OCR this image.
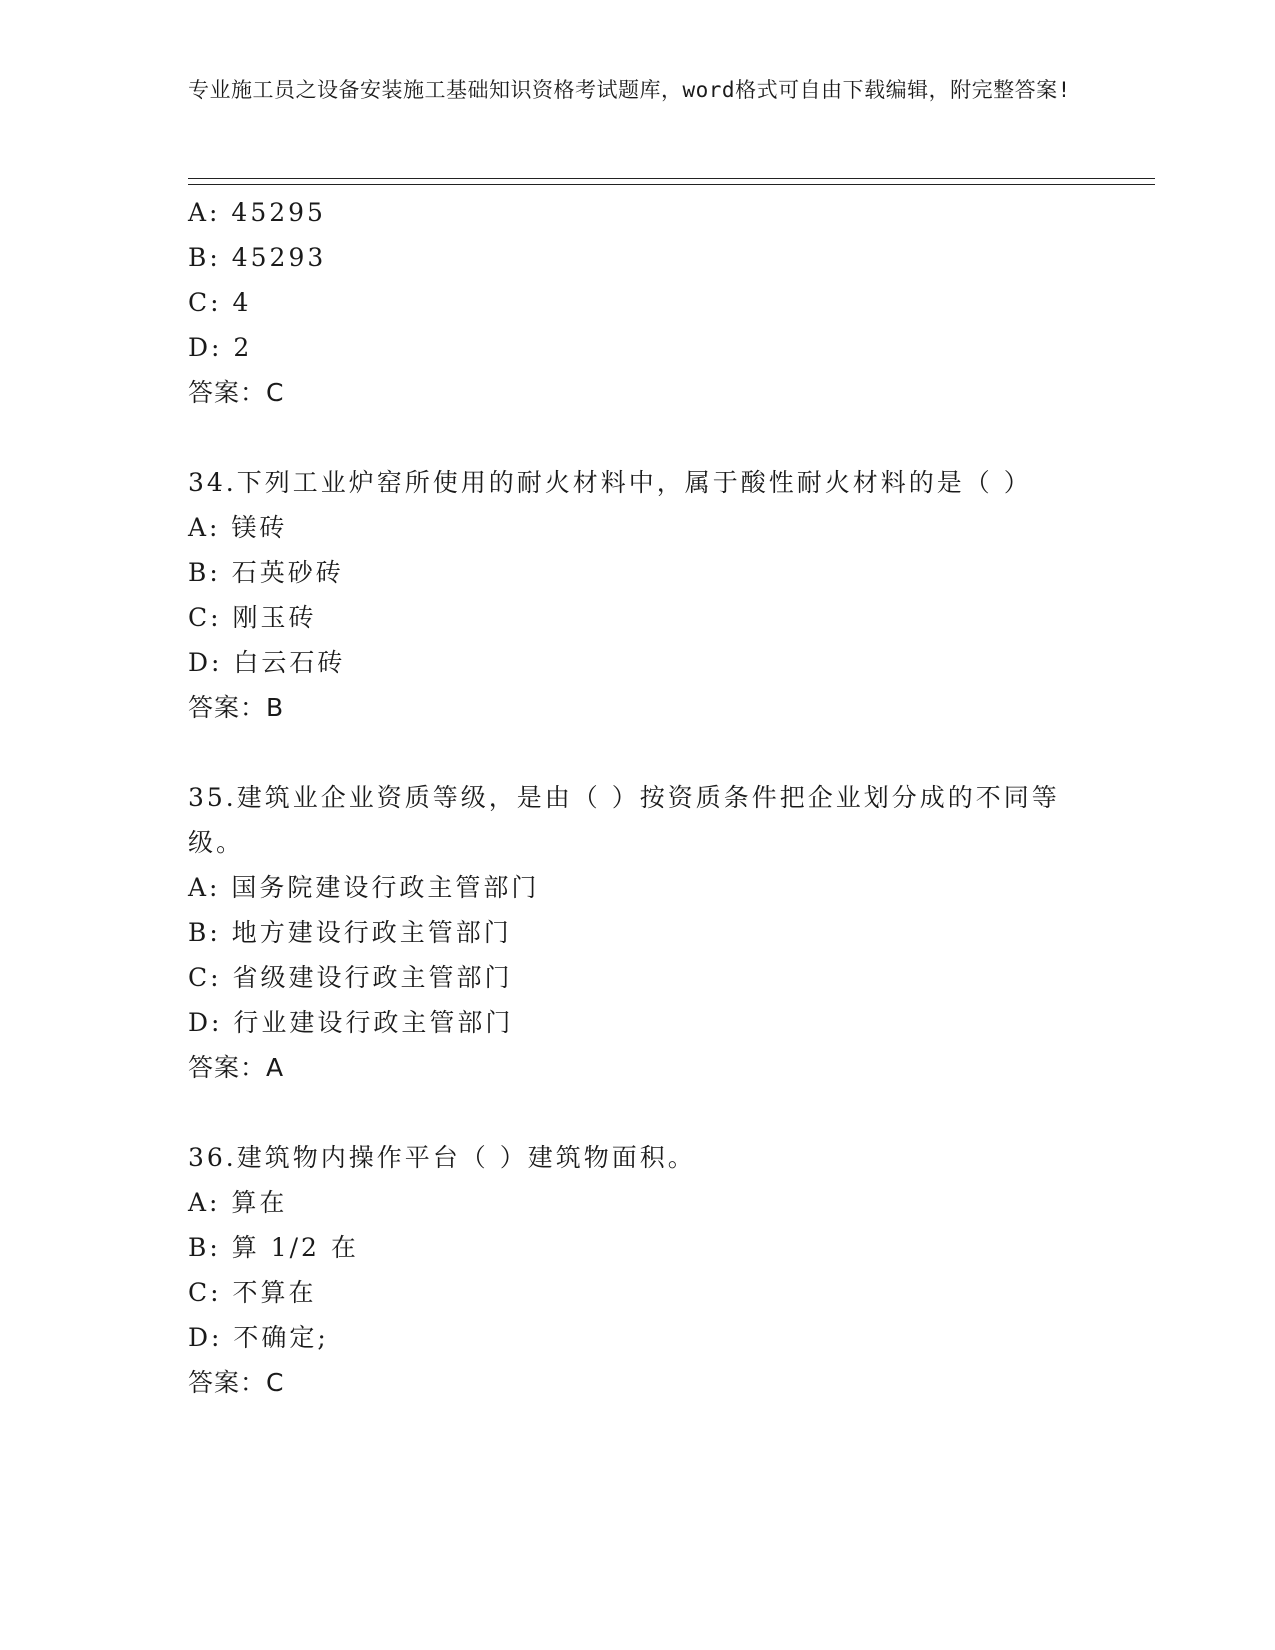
专业施工员之设备安装施工基础知识资格考试题库，word格式可自由下载编辑，附完整答案!
A: 45295
B: 45293
C: 4
D: 2
答案：C
34.下列工业炉窑所使用的耐火材料中，属于酸性耐火材料的是（ ）
A: 镁砖
B: 石英砂砖
C: 刚玉砖
D: 白云石砖
答案：B
35.建筑业企业资质等级，是由（ ）按资质条件把企业划分成的不同等级。
A: 国务院建设行政主管部门
B: 地方建设行政主管部门
C: 省级建设行政主管部门
D: 行业建设行政主管部门
答案：A
36.建筑物内操作平台（ ）建筑物面积。
A: 算在
B: 算 1/2 在
C: 不算在
D: 不确定;
答案：C
